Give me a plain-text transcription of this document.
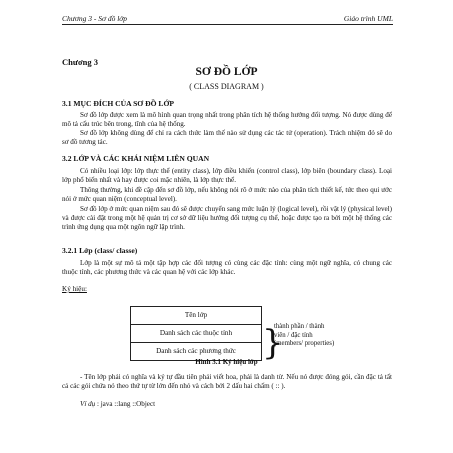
Chương 3 - Sơ đồ lớp	Giáo trình UML
Chương 3
SƠ ĐỒ LỚP
( CLASS DIAGRAM )
3.1 MỤC ĐÍCH CỦA SƠ ĐỒ LỚP
Sơ đồ lớp được xem là mô hình quan trọng nhất trong phân tích hệ thống hướng đối tượng. Nó được dùng để mô tả cấu trúc bên trong, tĩnh của hệ thống.
Sơ đồ lớp không dùng để chỉ ra cách thức làm thế nào sử dụng các tác tử (operation). Trách nhiệm đó sẽ do sơ đồ tương tác.
3.2 LỚP VÀ CÁC KHÁI NIỆM LIÊN QUAN
Có nhiều loại lớp: lớp thực thể (entity class), lớp điều khiển (control class), lớp biên (boundary class). Loại lớp phổ biến nhất và hay được coi mặc nhiên, là lớp thực thể.
Thông thường, khi đề cập đến sơ đồ lớp, nếu không nói rõ ở mức nào của phân tích thiết kế, tức theo qui ước nói ở mức quan niệm (conceptual level).
Sơ đồ lớp ở mức quan niệm sau đó sẽ được chuyển sang mức luận lý (logical level), rồi vật lý (physical level) và được cài đặt trong một hệ quản trị cơ sở dữ liệu hướng đối tượng cụ thể, hoặc được tạo ra bởi một hệ thống các trình ứng dụng qua một ngôn ngữ lập trình.
3.2.1 Lớp (class/ classe)
Lớp là một sự mô tả một tập hợp các đối tượng có cùng các đặc tính: cùng một ngữ nghĩa, có chung các thuộc tính, các phương thức và các quan hệ với các lớp khác.
Ký hiệu:
Tên lớp
Danh sách các thuộc tính
Danh sách các phương thức }
thành phần / thành
viên / đặc tính
(members/ properties)
Hình 3.1 Ký hiệu lớp
- Tên lớp phải có nghĩa và ký tự đầu tiên phải viết hoa, phải là danh từ. Nếu nó được đóng gói, cần đặc tả tất cả các gói chứa nó theo thứ tự từ lớn đến nhỏ và cách bởi 2 dấu hai chấm ( :: ).
Ví dụ : java ::lang ::Object
